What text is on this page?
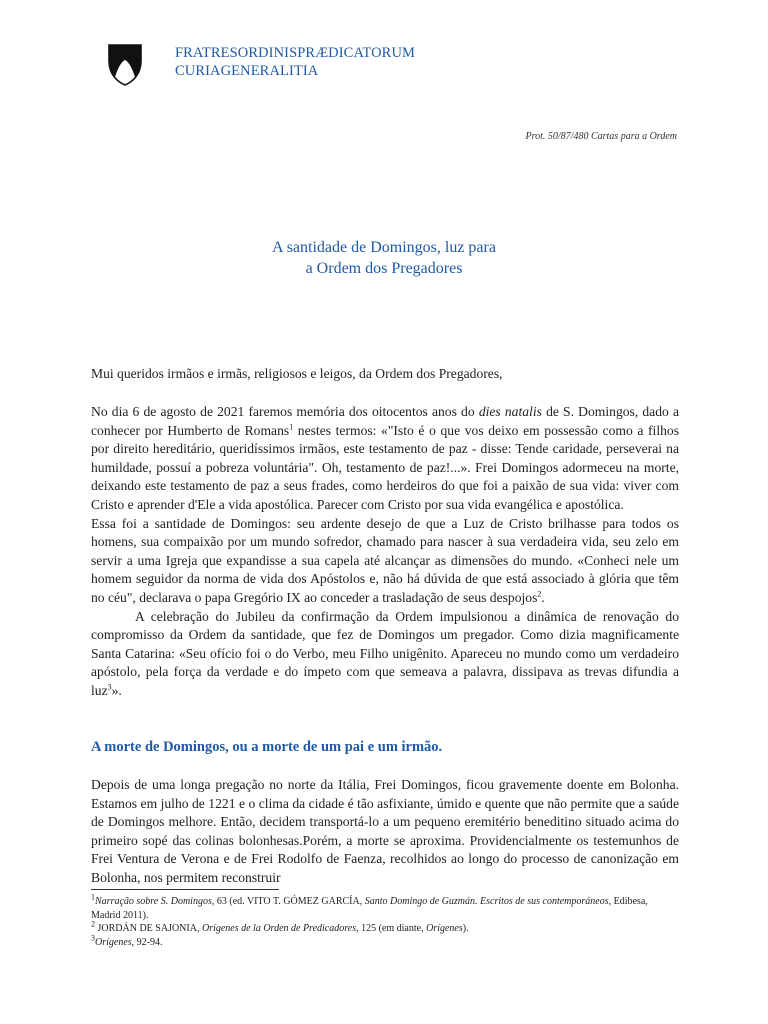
FRATRESORDINISPRÆDICATORUM
CURIAGENERALITIA
Prot. 50/87/480 Cartas para a Ordem
A santidade de Domingos, luz para
a Ordem dos Pregadores
Mui queridos irmãos e irmãs, religiosos e leigos, da Ordem dos Pregadores,

No dia 6 de agosto de 2021 faremos memória dos oitocentos anos do dies natalis de S. Domingos, dado a conhecer por Humberto de Romans$^1$ nestes termos: «"Isto é o que vos deixo em possessão como a filhos por direito hereditário, queridíssimos irmãos, este testamento de paz - disse: Tende caridade, perseverai na humildade, possuí a pobreza voluntária". Oh, testamento de paz!...». Frei Domingos adormeceu na morte, deixando este testamento de paz a seus frades, como herdeiros do que foi a paixão de sua vida: viver com Cristo e aprender d'Ele a vida apostólica. Parecer com Cristo por sua vida evangélica e apostólica.

Essa foi a santidade de Domingos: seu ardente desejo de que a Luz de Cristo brilhasse para todos os homens, sua compaixão por um mundo sofredor, chamado para nascer à sua verdadeira vida, seu zelo em servir a uma Igreja que expandisse a sua capela até alcançar as dimensões do mundo. «Conheci nele um homem seguidor da norma de vida dos Apóstolos e, não há dúvida de que está associado à glória que têm no céu", declarava o papa Gregório IX ao conceder a trasladação de seus despojos$^2$.

A celebração do Jubileu da confirmação da Ordem impulsionou a dinâmica de renovação do compromisso da Ordem da santidade, que fez de Domingos um pregador. Como dizia magnificamente Santa Catarina: «Seu ofício foi o do Verbo, meu Filho unigênito. Apareceu no mundo como um verdadeiro apóstolo, pela força da verdade e do ímpeto com que semeava a palavra, dissipava as trevas difundia a luz$^3$».

A morte de Domingos, ou a morte de um pai e um irmão.

Depois de uma longa pregação no norte da Itália, Frei Domingos, ficou gravemente doente em Bolonha. Estamos em julho de 1221 e o clima da cidade é tão asfixiante, úmido e quente que não permite que a saúde de Domingos melhore. Então, decidem transportá-lo a um pequeno eremitério beneditino situado acima do primeiro sopé das colinas bolonhesas.Porém, a morte se aproxima. Providencialmente os testemunhos de Frei Ventura de Verona e de Frei Rodolfo de Faenza, recolhidos ao longo do processo de canonização em Bolonha, nos permitem reconstruir

$^1$Narração sobre S. Domingos, 63 (ed. VITO T. GÓMEZ GARCÍA, Santo Domingo de Guzmán. Escritos de sus contemporáneos, Edibesa, Madrid 2011).

$^2$ JORDÁN DE SAJONIA, Orígenes de la Orden de Predicadores, 125 (em diante, Orígenes).

$^3$Orígenes, 92-94.
